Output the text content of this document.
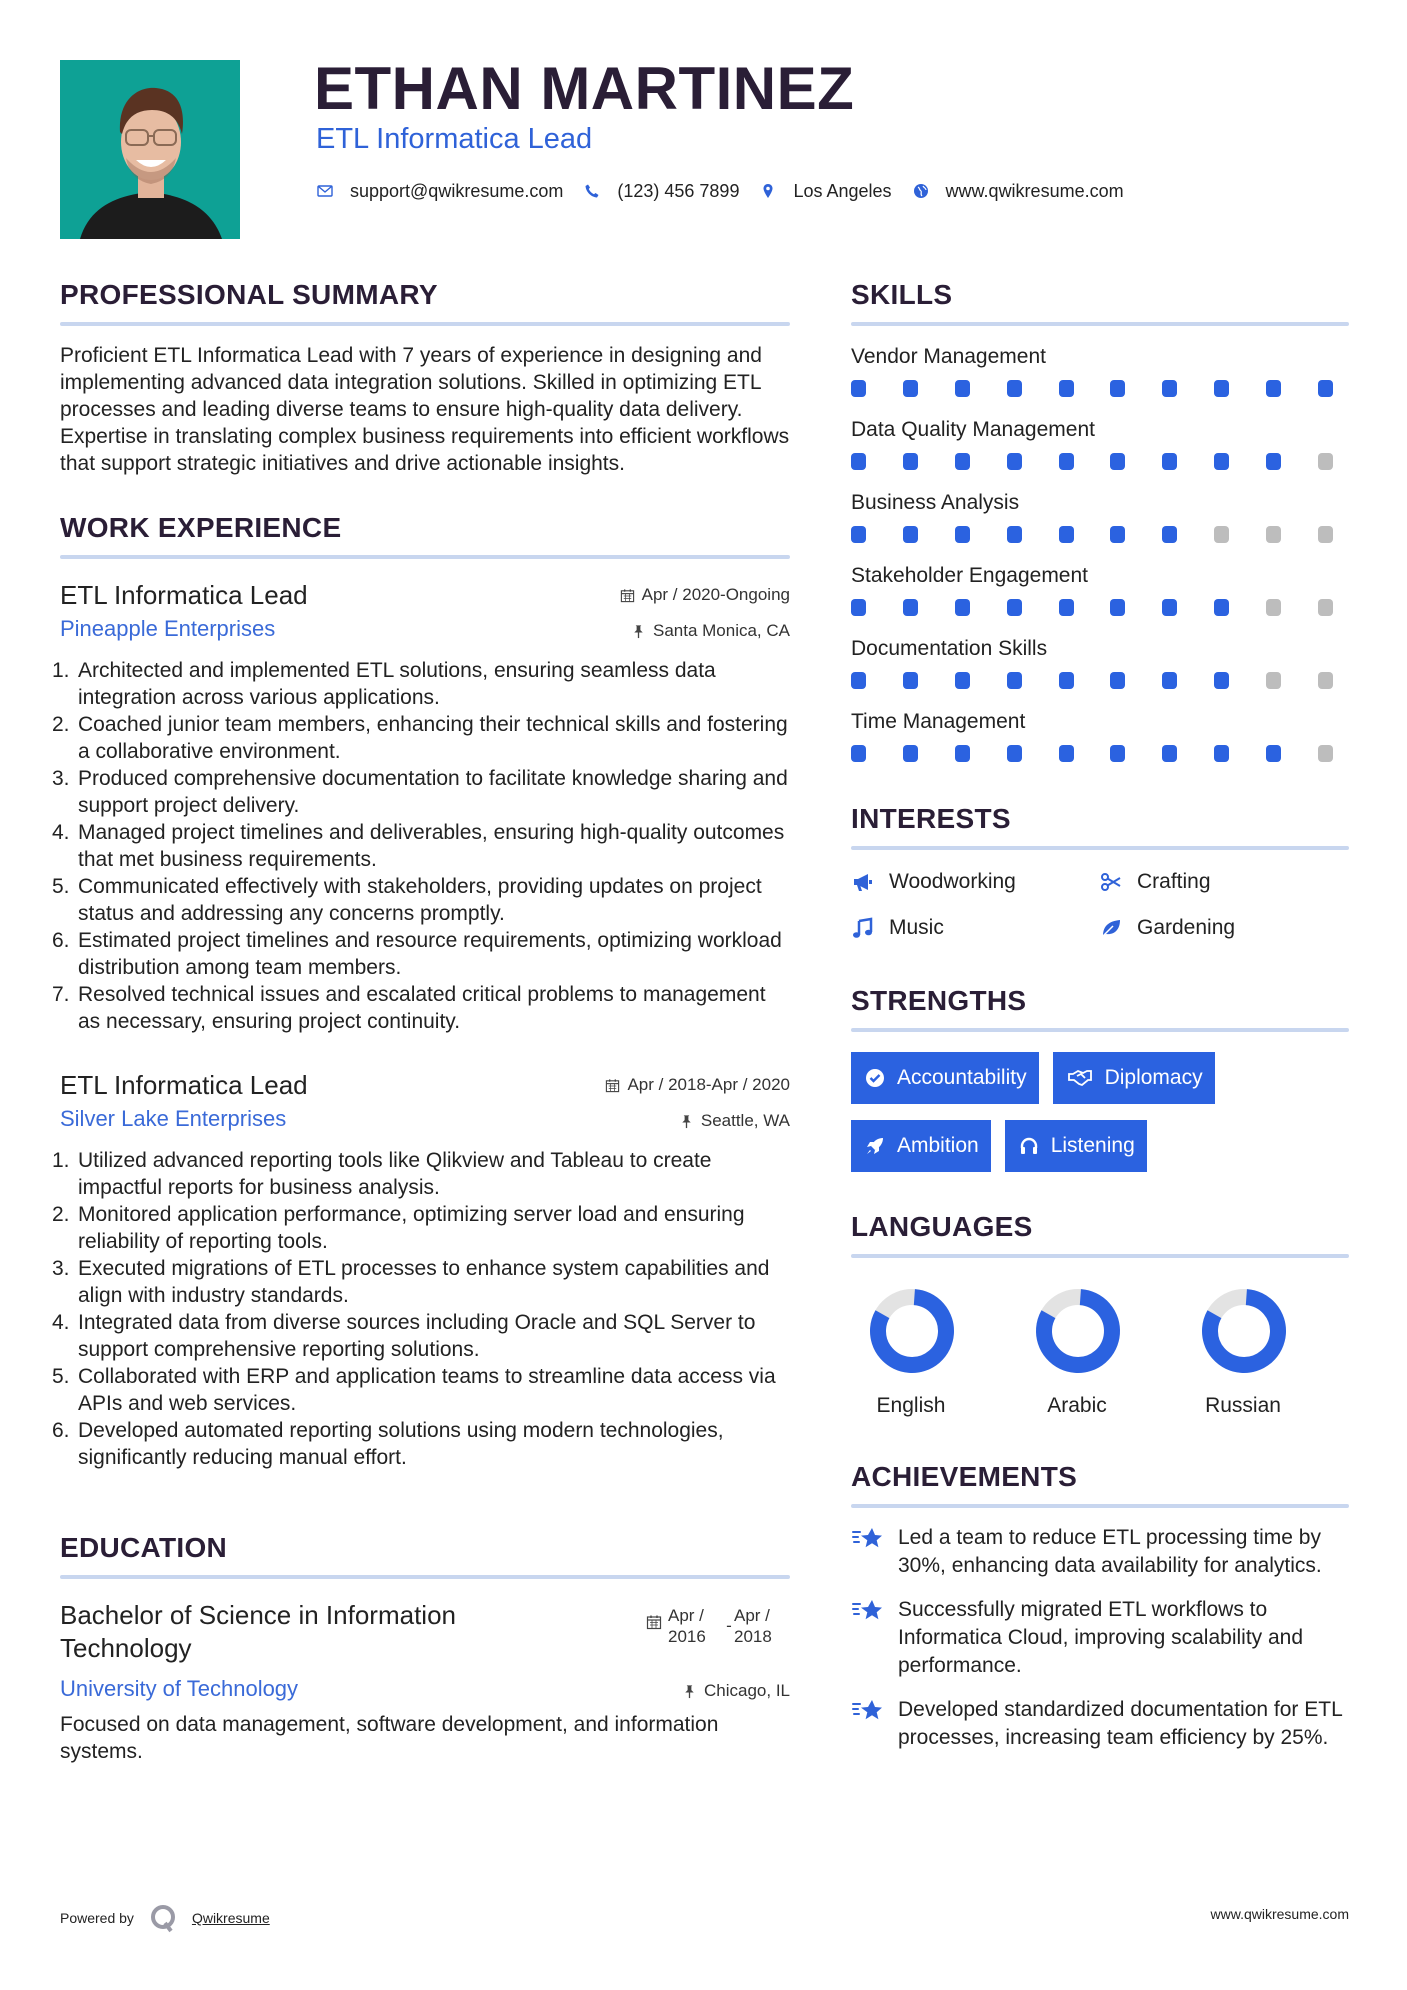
ETHAN MARTINEZ
ETL Informatica Lead
support@qwikresume.com	(123) 456 7899	Los Angeles	www.qwikresume.com
PROFESSIONAL SUMMARY

Proficient ETL Informatica Lead with 7 years of experience in designing and implementing advanced data integration solutions. Skilled in optimizing ETL processes and leading diverse teams to ensure high-quality data delivery. Expertise in translating complex business requirements into efficient workflows that support strategic initiatives and drive actionable insights.

WORK EXPERIENCE
ETL Informatica Lead	Apr / 2020-Ongoing
Pineapple Enterprises	Santa Monica, CA
1. Architected and implemented ETL solutions, ensuring seamless data integration across various applications.
2. Coached junior team members, enhancing their technical skills and fostering a collaborative environment.
3. Produced comprehensive documentation to facilitate knowledge sharing and support project delivery.
4. Managed project timelines and deliverables, ensuring high-quality outcomes that met business requirements.
5. Communicated effectively with stakeholders, providing updates on project status and addressing any concerns promptly.
6. Estimated project timelines and resource requirements, optimizing workload distribution among team members.
7. Resolved technical issues and escalated critical problems to management as necessary, ensuring project continuity.
ETL Informatica Lead	Apr / 2018-Apr / 2020
Silver Lake Enterprises	Seattle, WA
1. Utilized advanced reporting tools like Qlikview and Tableau to create impactful reports for business analysis.
2. Monitored application performance, optimizing server load and ensuring reliability of reporting tools.
3. Executed migrations of ETL processes to enhance system capabilities and align with industry standards.
4. Integrated data from diverse sources including Oracle and SQL Server to support comprehensive reporting solutions.
5. Collaborated with ERP and application teams to streamline data access via APIs and web services.
6. Developed automated reporting solutions using modern technologies, significantly reducing manual effort.
EDUCATION
Bachelor of Science in Information Technology
Apr /
2016
-
Apr /
2018
University of Technology	Chicago, IL

Focused on data management, software development, and information systems.

SKILLS
Vendor Management
Data Quality Management
Business Analysis
Stakeholder Engagement
Documentation Skills
Time Management
INTERESTS
Woodworking	Crafting
Music	Gardening
STRENGTHS
Accountability	Diplomacy
Ambition	Listening
LANGUAGES
English	Arabic	Russian
ACHIEVEMENTS
Led a team to reduce ETL processing time by 30%, enhancing data availability for analytics.
Successfully migrated ETL workflows to Informatica Cloud, improving scalability and performance.
Developed standardized documentation for ETL processes, increasing team efficiency by 25%.
Powered by	Qwikresume	www.qwikresume.com
